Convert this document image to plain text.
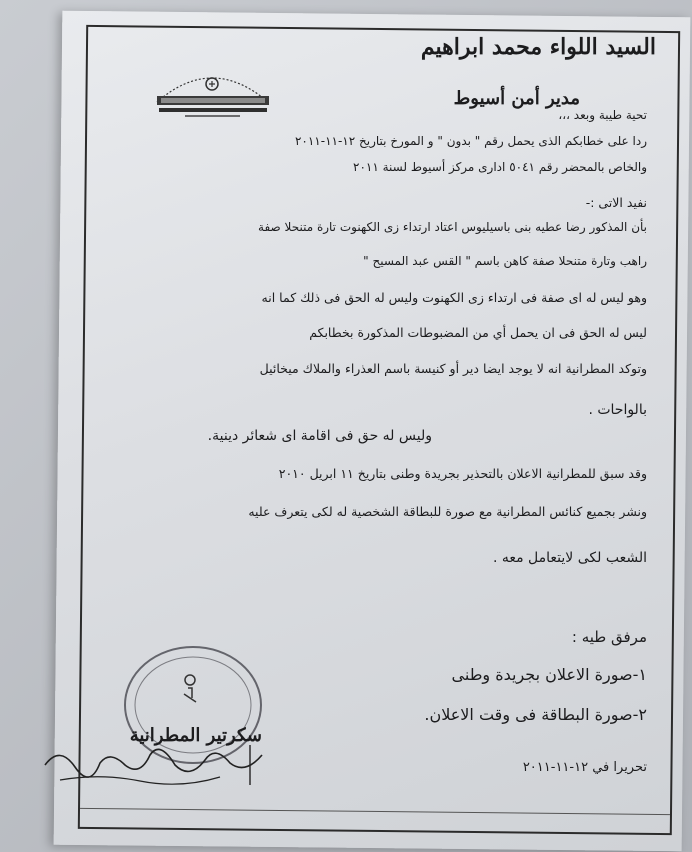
السيد اللواء محمد ابراهيم
مدير أمن أسيوط
تحية طيبة وبعد ،،،
ردا على خطابكم الذى يحمل رقم " بدون " و المورخ بتاريخ ١٢-١١-٢٠١١
والخاص بالمحضر رقم ٥٠٤١ ادارى مركز أسيوط لسنة ٢٠١١
نفيد الاتى :-
بأن المذكور رضا عطيه بنى باسيليوس اعتاد ارتداء زى الكهنوت تارة متنحلا صفة
راهب وتارة متنحلا صفة كاهن باسم " القس عبد المسيح "
وهو ليس له اى صفة فى ارتداء زى الكهنوت وليس له الحق فى ذلك كما انه
ليس له الحق فى ان يحمل أي من المضبوطات المذكورة بخطابكم
وتوكد المطرانية انه لا يوجد ايضا دير أو كنيسة باسم العذراء والملاك ميخائيل
بالواحات .
وليس له حق فى اقامة اى شعائر دينية.
وقد سبق للمطرانية الاعلان بالتحذير بجريدة وطنى بتاريخ ١١ ابريل ٢٠١٠
ونشر بجميع كنائس المطرانية مع صورة للبطاقة الشخصية له لكى يتعرف عليه
الشعب لكى لايتعامل معه .
مرفق طيه :
١-صورة الاعلان بجريدة وطنى
٢-صورة البطاقة فى وقت الاعلان.
سكرتير المطرانية
تحريرا في ١٢-١١-٢٠١١
